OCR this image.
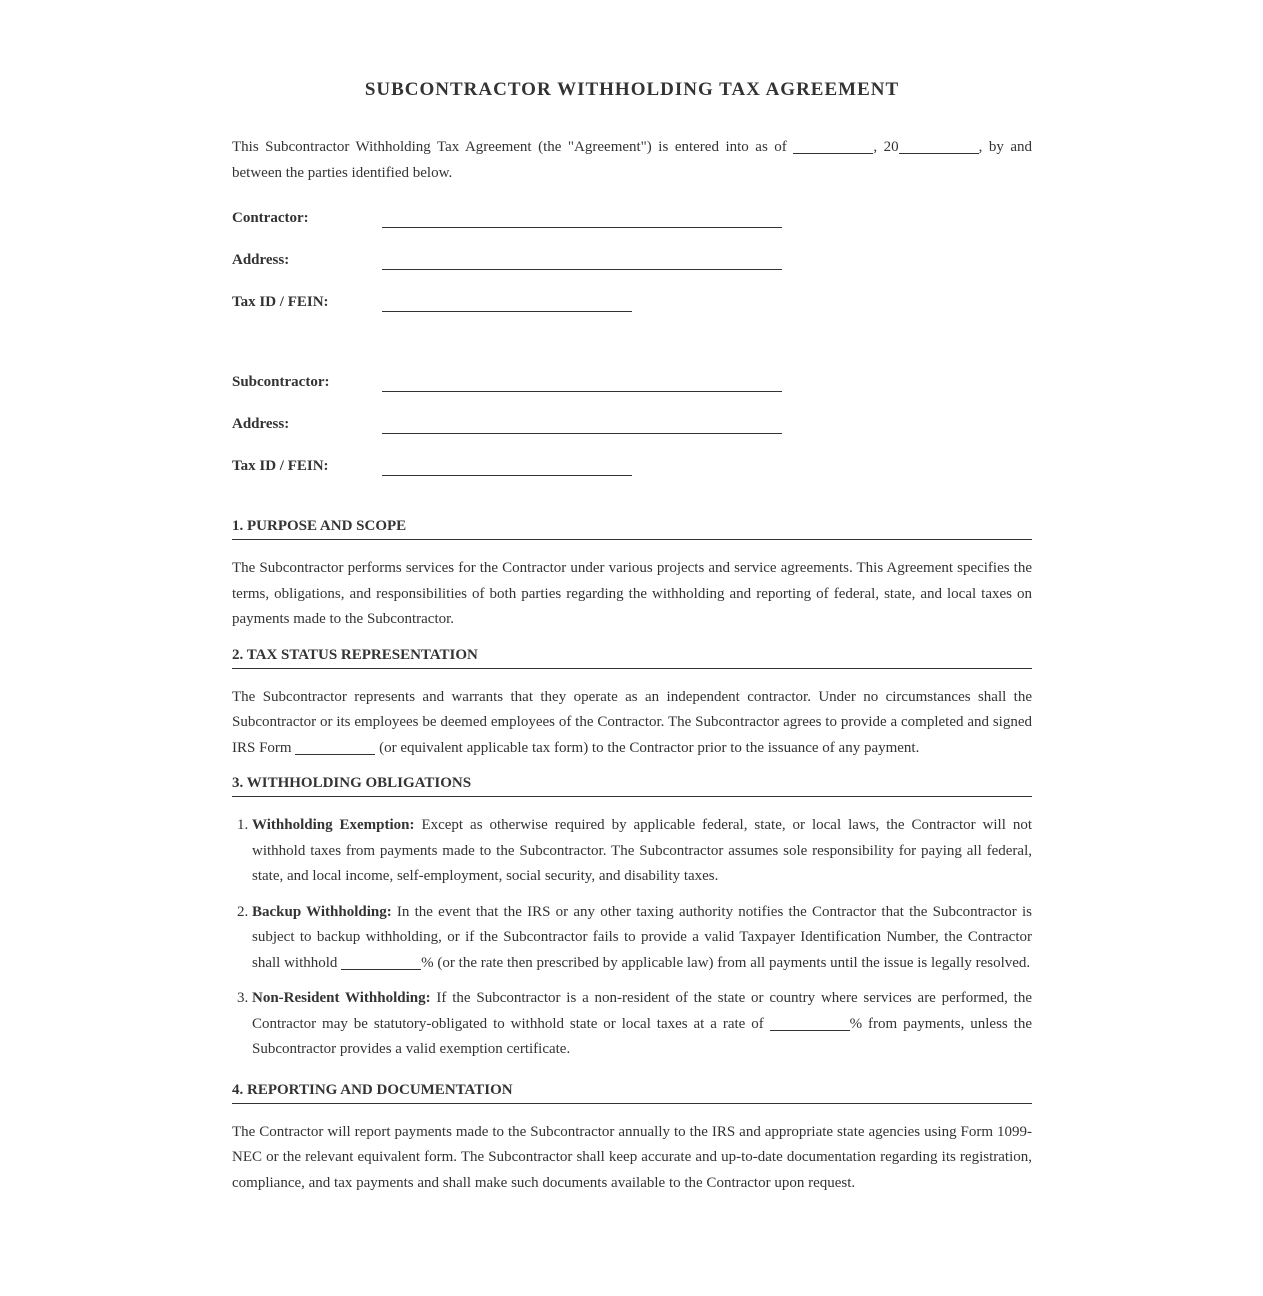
SUBCONTRACTOR WITHHOLDING TAX AGREEMENT

This Subcontractor Withholding Tax Agreement (the "Agreement") is entered into as of	, 20	, by and between the parties identified below.

Contractor:
Address:
Tax ID / FEIN:
Subcontractor:
Address:
Tax ID / FEIN:
1. PURPOSE AND SCOPE

The Subcontractor performs services for the Contractor under various projects and service agreements. This Agreement specifies the terms, obligations, and responsibilities of both parties regarding the withholding and reporting of federal, state, and local taxes on payments made to the Subcontractor.

2. TAX STATUS REPRESENTATION

The Subcontractor represents and warrants that they operate as an independent contractor. Under no circumstances shall the Subcontractor or its employees be deemed employees of the Contractor. The Subcontractor agrees to provide a completed and signed IRS Form	(or equivalent applicable tax form) to the Contractor prior to the issuance of any payment.

3. WITHHOLDING OBLIGATIONS
1. Withholding Exemption: Except as otherwise required by applicable federal, state, or local laws, the Contractor will not withhold taxes from payments made to the Subcontractor. The Subcontractor assumes sole responsibility for paying all federal, state, and local income, self-employment, social security, and disability taxes.
2. Backup Withholding: In the event that the IRS or any other taxing authority notifies the Contractor that the Subcontractor is subject to backup withholding, or if the Subcontractor fails to provide a valid Taxpayer Identification Number, the Contractor shall withhold	% (or the rate then prescribed by applicable law) from all payments until the issue is legally resolved.
3. Non-Resident Withholding: If the Subcontractor is a non-resident of the state or country where services are performed, the Contractor may be statutory-obligated to withhold state or local taxes at a rate of	% from payments, unless the Subcontractor provides a valid exemption certificate.
4. REPORTING AND DOCUMENTATION

The Contractor will report payments made to the Subcontractor annually to the IRS and appropriate state agencies using Form 1099-NEC or the relevant equivalent form. The Subcontractor shall keep accurate and up-to-date documentation regarding its registration, compliance, and tax payments and shall make such documents available to the Contractor upon request.
